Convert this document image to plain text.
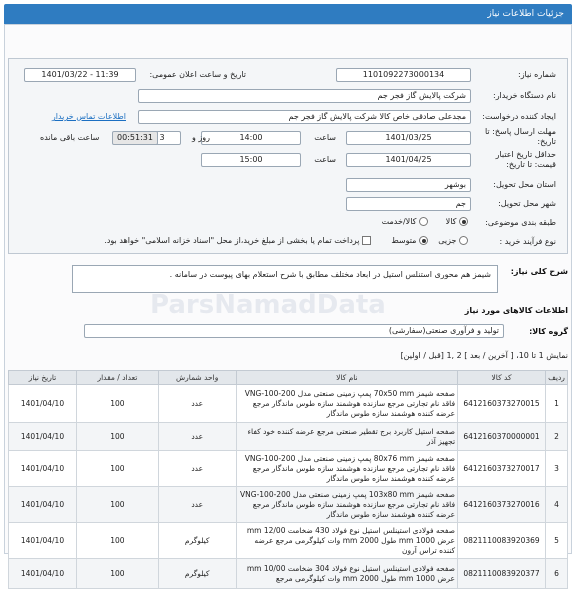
جزئیات اطلاعات نیاز
شماره نیاز:
1101092273000134
تاریخ و ساعت اعلان عمومی:
1401/03/22 - 11:39
نام دستگاه خریدار:
شرکت پالایش گاز فجر جم
ایجاد کننده درخواست:
مجدعلی صادقی خاص کالا شرکت پالایش گاز فجر جم
اطلاعات تماس خریدار
مهلت ارسال پاسخ: تا تاریخ:
1401/03/25
ساعت
14:00
3	روز و
00:51:31
ساعت باقی مانده
حداقل تاریخ اعتبار قیمت: تا تاریخ:
1401/04/25
ساعت
15:00
استان محل تحویل:
بوشهر
شهر محل تحویل:
جم
طبقه بندی موضوعی:
کالا
کالا/خدمت
نوع فرآیند خرید :
جزیی
متوسط
پرداخت تمام یا بخشی از مبلغ خرید،از محل "اسناد خزانه اسلامی" خواهد بود.
شرح کلی نیاز:
شیمز هم محوری استنلس استیل در ابعاد مختلف مطابق با شرح استعلام بهای پیوست در سامانه .
ParsNamadData	اطلاعات کالاهای مورد نیاز
گروه کالا:
تولید و فرآوری صنعتی(سفارشی)
نمایش 1 تا 10، [ آخرین / بعد ] 2 ,1 [قبل / اولین]
ردیف	کد کالا	نام کالا	واحد شمارش	تعداد / مقدار	تاریخ نیاز
1	6412160373270015	صفحه شیمز 70x50 mm پمپ زمینی صنعتی مدل VNG-100-200 فاقد نام تجارتی مرجع سازنده هوشمند سازه طوس ماندگار مرجع عرضه کننده هوشمند سازه طوس ماندگار	عدد	100	1401/04/10
2	6412160370000001	صفحه استیل کاربرد برج تقطیر صنعتی مرجع عرضه کننده خود کفاء تجهیز آذر	عدد	100	1401/04/10
3	6412160373270017	صفحه شیمز 80x76 mm پمپ زمینی صنعتی مدل VNG-100-200 فاقد نام تجارتی مرجع سازنده هوشمند سازه طوس ماندگار مرجع عرضه کننده هوشمند سازه طوس ماندگار	عدد	100	1401/04/10
4	6412160373270016	صفحه شیمز 103x80 mm پمپ زمینی صنعتی مدل VNG-100-200 فاقد نام تجارتی مرجع سازنده هوشمند سازه طوس ماندگار مرجع عرضه کننده هوشمند سازه طوس ماندگار	عدد	100	1401/04/10
5	0821110083920369	صفحه فولادی استینلس استیل نوع فولاد 430 ضخامت 12/00 mm عرض 1000 mm طول 2000 mm وات کیلوگرمی مرجع عرضه کننده تراس آرون	کیلوگرم	100	1401/04/10
6	0821110083920377	صفحه فولادی استینلس استیل نوع فولاد 304 ضخامت 10/00 mm عرض 1000 mm طول 2000 mm وات کیلوگرمی مرجع	کیلوگرم	100	1401/04/10
